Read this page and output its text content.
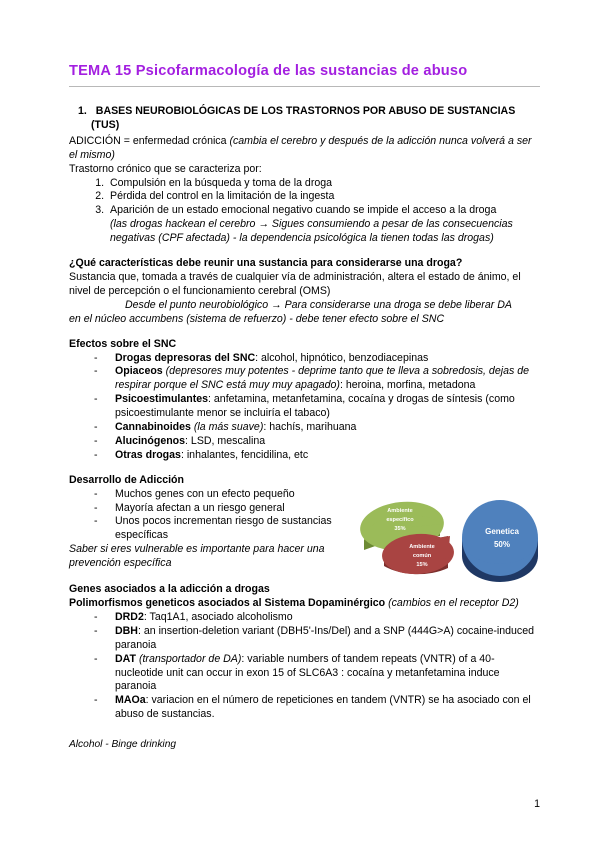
TEMA 15 Psicofarmacología de las sustancias de abuso
1. BASES NEUROBIOLÓGICAS DE LOS TRASTORNOS POR ABUSO DE SUSTANCIAS (TUS)
ADICCIÓN = enfermedad crónica (cambia el cerebro y después de la adicción nunca volverá a ser el mismo)
Trastorno crónico que se caracteriza por:
1. Compulsión en la búsqueda y toma de la droga
2. Pérdida del control en la limitación de la ingesta
3. Aparición de un estado emocional negativo cuando se impide el acceso a la droga
(las drogas hackean el cerebro → Sigues consumiendo a pesar de las consecuencias negativas (CPF afectada) - la dependencia psicológica la tienen todas las drogas)
¿Qué características debe reunir una sustancia para considerarse una droga?
Sustancia que, tomada a través de cualquier vía de administración, altera el estado de ánimo, el nivel de percepción o el funcionamiento cerebral (OMS)
Desde el punto neurobiológico → Para considerarse una droga se debe liberar DA
en el núcleo accumbens (sistema de refuerzo) - debe tener efecto sobre el SNC
Efectos sobre el SNC
- Drogas depresoras del SNC: alcohol, hipnótico, benzodiacepinas
- Opiaceos (depresores muy potentes - deprime tanto que te lleva a sobredosis, dejas de respirar porque el SNC está muy muy apagado): heroina, morfina, metadona
- Psicoestimulantes: anfetamina, metanfetamina, cocaína y drogas de síntesis (como psicoestimulante menor se incluiría el tabaco)
- Cannabinoides (la más suave): hachís, marihuana
- Alucinógenos: LSD, mescalina
- Otras drogas: inhalantes, fencidilina, etc
Desarrollo de Adicción
- Muchos genes con un efecto pequeño
- Mayoría afectan a un riesgo general
- Unos pocos incrementan riesgo de sustancias específicas
Saber si eres vulnerable es importante para hacer una prevención específica
Genes asociados a la adicción a drogas
Polimorfismos geneticos asociados al Sistema Dopaminérgico (cambios en el receptor D2)
- DRD2: Taq1A1, asociado alcoholismo
- DBH: an insertion-deletion variant (DBH5'-Ins/Del) and a SNP (444G>A) cocaine-induced paranoia
- DAT (transportador de DA): variable numbers of tandem repeats (VNTR) of a 40-nucleotide unit can occur in exon 15 of SLC6A3 : cocaína y metanfetamina induce paranoia
- MAOa: variacion en el número de repeticiones en tandem (VNTR) se ha asociado con el abuso de sustancias.
Alcohol - Binge drinking
Ambiente
específico
35%
Ambiente
común
15%
Genetica
50%
1
